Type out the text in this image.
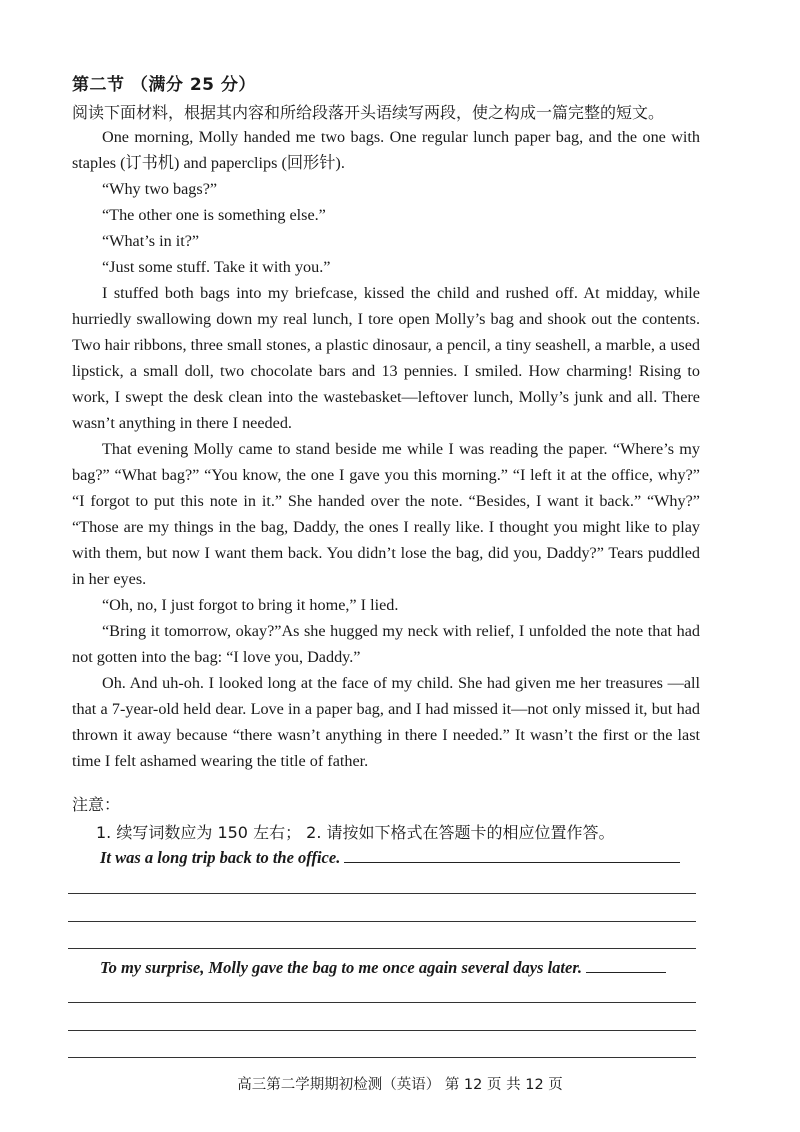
第二节 （满分 25 分）
阅读下面材料，根据其内容和所给段落开头语续写两段，使之构成一篇完整的短文。

One morning, Molly handed me two bags. One regular lunch paper bag, and the one with staples (订书机) and paperclips (回形针).

“Why two bags?”

“The other one is something else.”

“What’s in it?”

“Just some stuff. Take it with you.”

I stuffed both bags into my briefcase, kissed the child and rushed off. At midday, while hurriedly swallowing down my real lunch, I tore open Molly’s bag and shook out the contents. Two hair ribbons, three small stones, a plastic dinosaur, a pencil, a tiny seashell, a marble, a used lipstick, a small doll, two chocolate bars and 13 pennies. I smiled. How charming! Rising to work, I swept the desk clean into the wastebasket—leftover lunch, Molly’s junk and all. There wasn’t anything in there I needed.

That evening Molly came to stand beside me while I was reading the paper. “Where’s my bag?” “What bag?” “You know, the one I gave you this morning.” “I left it at the office, why?” “I forgot to put this note in it.” She handed over the note. “Besides, I want it back.” “Why?” “Those are my things in the bag, Daddy, the ones I really like. I thought you might like to play with them, but now I want them back. You didn’t lose the bag, did you, Daddy?” Tears puddled in her eyes.

“Oh, no, I just forgot to bring it home,” I lied.

“Bring it tomorrow, okay?”As she hugged my neck with relief, I unfolded the note that had not gotten into the bag: “I love you, Daddy.”

Oh. And uh-oh. I looked long at the face of my child. She had given me her treasures —all that a 7-year-old held dear. Love in a paper bag, and I had missed it—not only missed it, but had thrown it away because “there wasn’t anything in there I needed.” It wasn’t the first or the last time I felt ashamed wearing the title of father.

注意：
1. 续写词数应为 150 左右； 2. 请按如下格式在答题卡的相应位置作答。
It was a long trip back to the office.
To my surprise, Molly gave the bag to me once again several days later.
高三第二学期期初检测（英语） 第 12 页 共 12 页
